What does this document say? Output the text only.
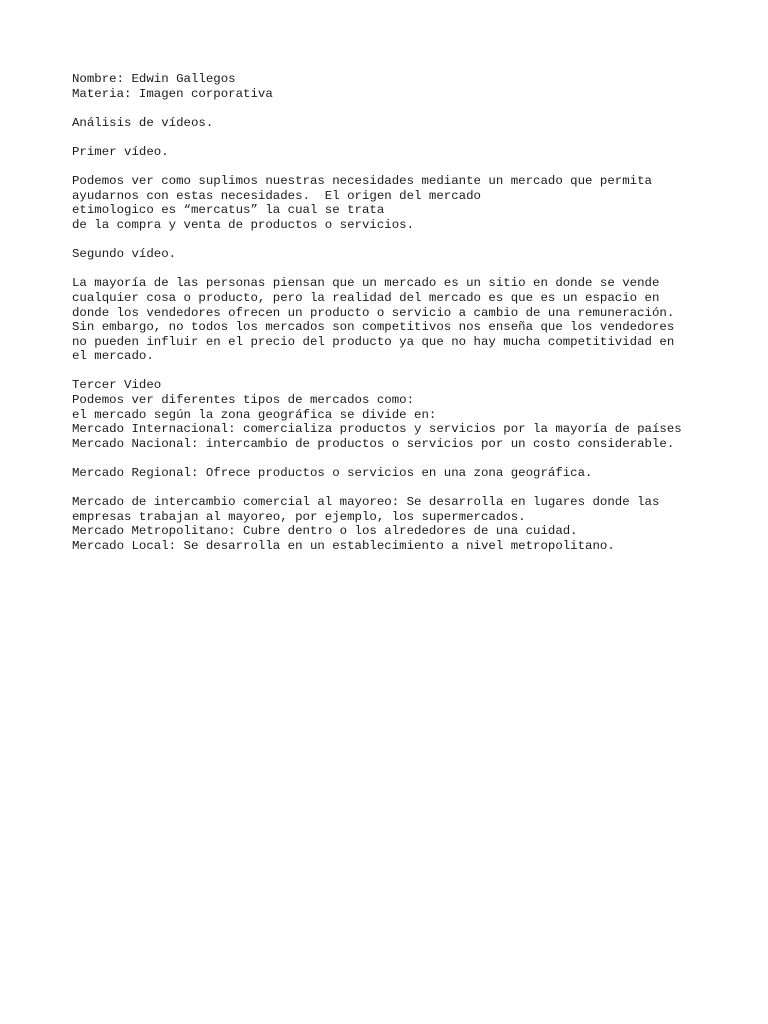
Nombre: Edwin Gallegos
Materia: Imagen corporativa
Análisis de vídeos.
Primer vídeo.
Podemos ver como suplimos nuestras necesidades mediante un mercado que permita
ayudarnos con estas necesidades.  El origen del mercado
etimologico es “mercatus” la cual se trata
de la compra y venta de productos o servicios.
Segundo vídeo.
La mayoría de las personas piensan que un mercado es un sitio en donde se vende
cualquier cosa o producto, pero la realidad del mercado es que es un espacio en
donde los vendedores ofrecen un producto o servicio a cambio de una remuneración.
Sin embargo, no todos los mercados son competitivos nos enseña que los vendedores
no pueden influir en el precio del producto ya que no hay mucha competitividad en
el mercado.
Tercer Video
Podemos ver diferentes tipos de mercados como:
el mercado según la zona geográfica se divide en:
Mercado Internacional: comercializa productos y servicios por la mayoría de países
Mercado Nacional: intercambio de productos o servicios por un costo considerable.
Mercado Regional: Ofrece productos o servicios en una zona geográfica.
Mercado de intercambio comercial al mayoreo: Se desarrolla en lugares donde las
empresas trabajan al mayoreo, por ejemplo, los supermercados.
Mercado Metropolitano: Cubre dentro o los alrededores de una cuidad.
Mercado Local: Se desarrolla en un establecimiento a nivel metropolitano.
